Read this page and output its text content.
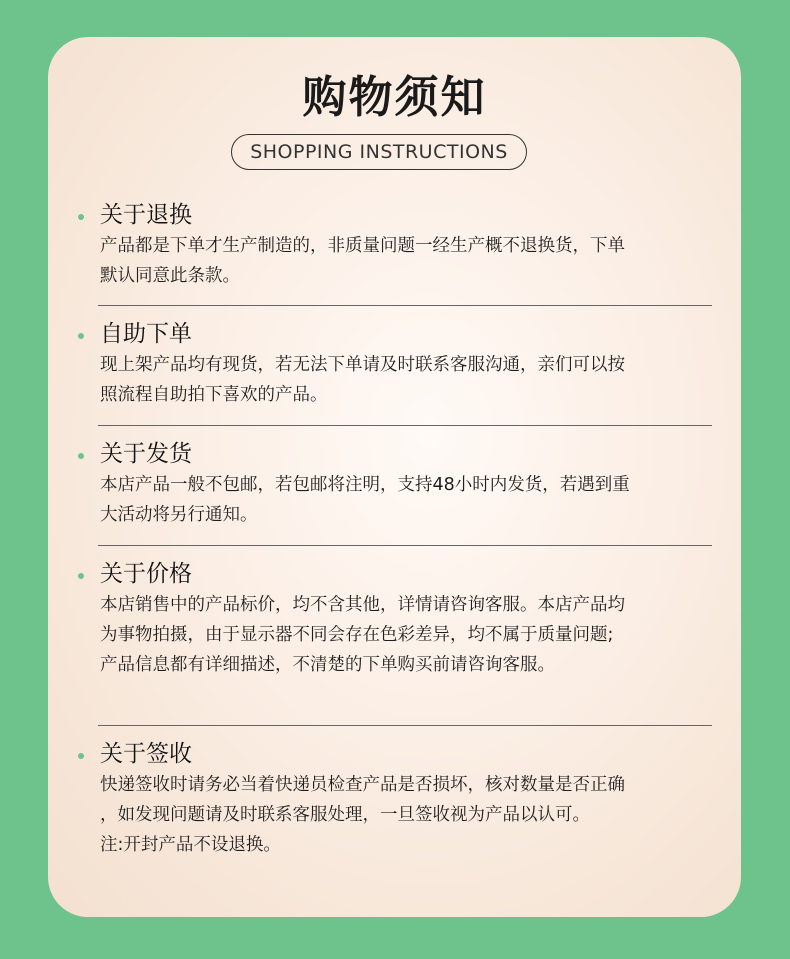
购物须知
SHOPPING INSTRUCTIONS
关于退换

产品都是下单才生产制造的，非质量问题一经生产概不退换货，下单

默认同意此条款。

自助下单

现上架产品均有现货，若无法下单请及时联系客服沟通，亲们可以按

照流程自助拍下喜欢的产品。

关于发货

本店产品一般不包邮，若包邮将注明，支持48小时内发货，若遇到重

大活动将另行通知。

关于价格

本店销售中的产品标价，均不含其他，详情请咨询客服。本店产品均

为事物拍摄，由于显示器不同会存在色彩差异，均不属于质量问题;

产品信息都有详细描述，不清楚的下单购买前请咨询客服。

关于签收

快递签收时请务必当着快递员检查产品是否损坏，核对数量是否正确

，如发现问题请及时联系客服处理，一旦签收视为产品以认可。

注:开封产品不设退换。
